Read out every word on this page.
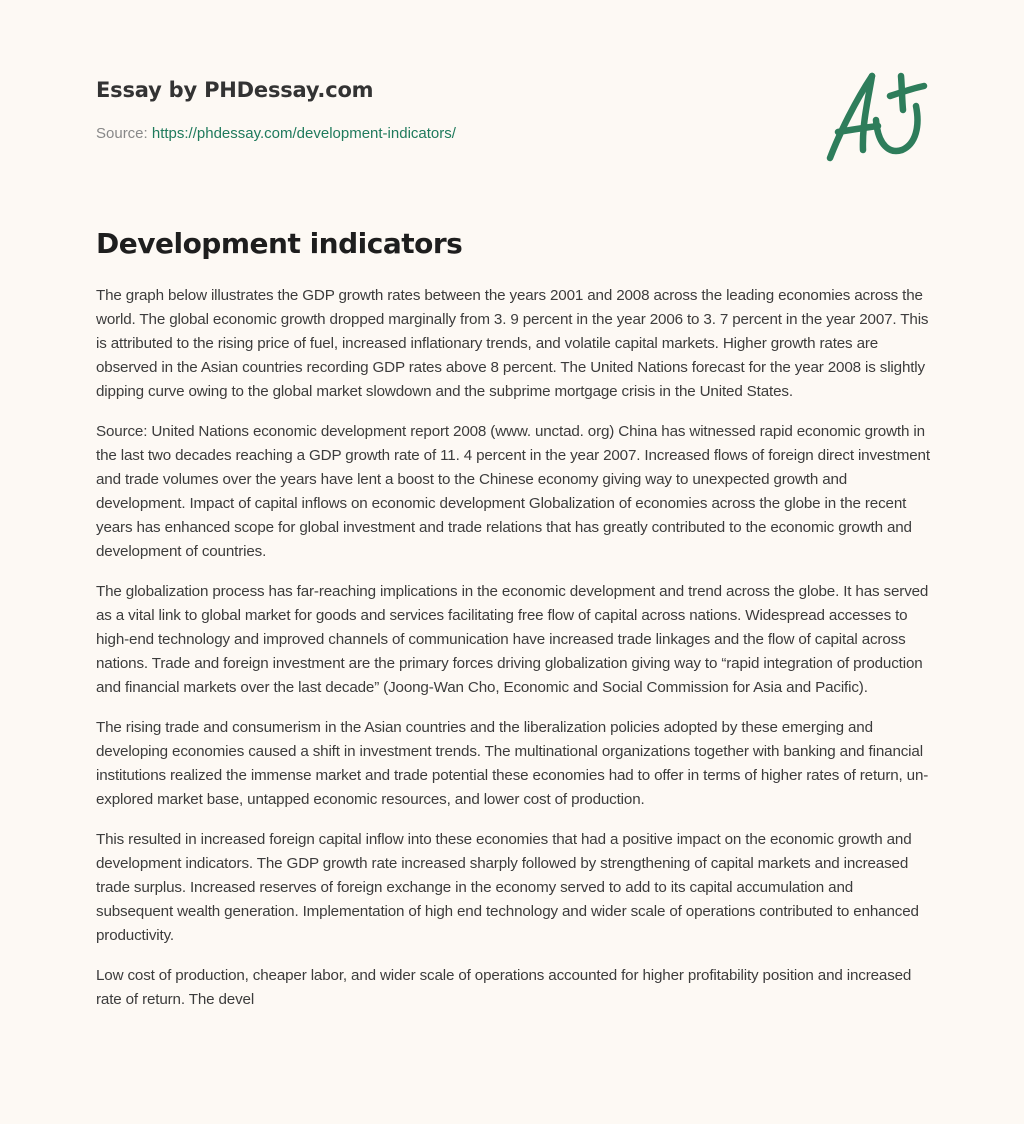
Essay by PHDessay.com
Source: https://phdessay.com/development-indicators/
Development indicators

The graph below illustrates the GDP growth rates between the years 2001 and 2008 across the leading economies across the world. The global economic growth dropped marginally from 3. 9 percent in the year 2006 to 3. 7 percent in the year 2007. This is attributed to the rising price of fuel, increased inflationary trends, and volatile capital markets. Higher growth rates are observed in the Asian countries recording GDP rates above 8 percent. The United Nations forecast for the year 2008 is slightly dipping curve owing to the global market slowdown and the subprime mortgage crisis in the United States.

Source: United Nations economic development report 2008 (www. unctad. org) China has witnessed rapid economic growth in the last two decades reaching a GDP growth rate of 11. 4 percent in the year 2007. Increased flows of foreign direct investment and trade volumes over the years have lent a boost to the Chinese economy giving way to unexpected growth and development. Impact of capital inflows on economic development Globalization of economies across the globe in the recent years has enhanced scope for global investment and trade relations that has greatly contributed to the economic growth and development of countries.

The globalization process has far-reaching implications in the economic development and trend across the globe. It has served as a vital link to global market for goods and services facilitating free flow of capital across nations. Widespread accesses to high-end technology and improved channels of communication have increased trade linkages and the flow of capital across nations. Trade and foreign investment are the primary forces driving globalization giving way to “rapid integration of production and financial markets over the last decade” (Joong-Wan Cho, Economic and Social Commission for Asia and Pacific).

The rising trade and consumerism in the Asian countries and the liberalization policies adopted by these emerging and developing economies caused a shift in investment trends. The multinational organizations together with banking and financial institutions realized the immense market and trade potential these economies had to offer in terms of higher rates of return, un-explored market base, untapped economic resources, and lower cost of production.

This resulted in increased foreign capital inflow into these economies that had a positive impact on the economic growth and development indicators. The GDP growth rate increased sharply followed by strengthening of capital markets and increased trade surplus. Increased reserves of foreign exchange in the economy served to add to its capital accumulation and subsequent wealth generation. Implementation of high end technology and wider scale of operations contributed to enhanced productivity.

Low cost of production, cheaper labor, and wider scale of operations accounted for higher profitability position and increased rate of return. The devel
